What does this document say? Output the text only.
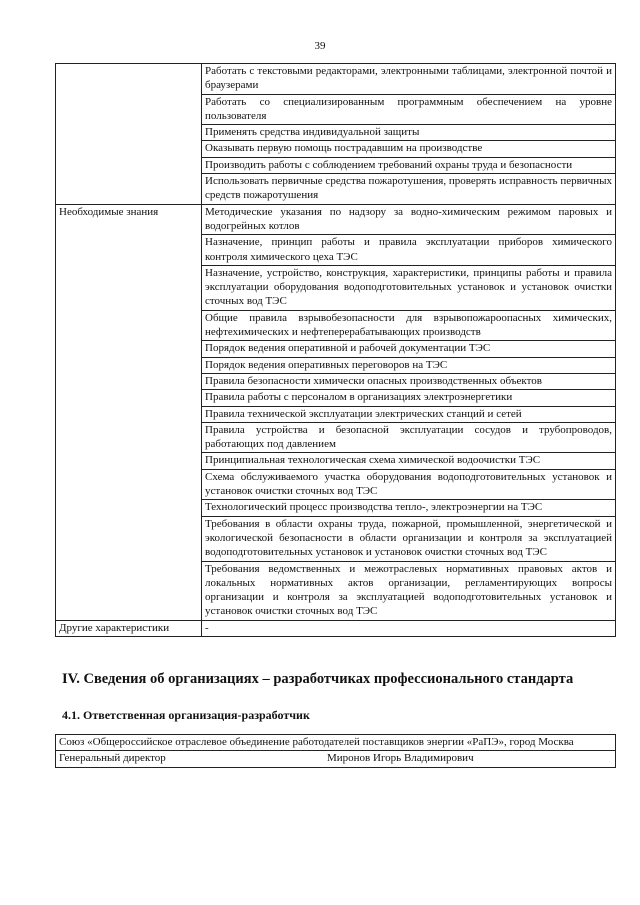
39
	Работать с текстовыми редакторами, электронными таблицами, электронной почтой и браузерами
	Работать со специализированным программным обеспечением на уровне пользователя
	Применять средства индивидуальной защиты
	Оказывать первую помощь пострадавшим на производстве
	Производить работы с соблюдением требований охраны труда и безопасности
	Использовать первичные средства пожаротушения, проверять исправность первичных средств пожаротушения
Необходимые знания	Методические указания по надзору за водно-химическим режимом паровых и водогрейных котлов
	Назначение, принцип работы и правила эксплуатации приборов химического контроля химического цеха ТЭС
	Назначение, устройство, конструкция, характеристики, принципы работы и правила эксплуатации оборудования водоподготовительных установок и установок очистки сточных вод ТЭС
	Общие правила взрывобезопасности для взрывопожароопасных химических, нефтехимических и нефтеперерабатывающих производств
	Порядок ведения оперативной и рабочей документации ТЭС
	Порядок ведения оперативных переговоров на ТЭС
	Правила безопасности химически опасных производственных объектов
	Правила работы с персоналом в организациях электроэнергетики
	Правила технической эксплуатации электрических станций и сетей
	Правила устройства и безопасной эксплуатации сосудов и трубопроводов, работающих под давлением
	Принципиальная технологическая схема химической водоочистки ТЭС
	Схема обслуживаемого участка оборудования водоподготовительных установок и установок очистки сточных вод ТЭС
	Технологический процесс производства тепло-, электроэнергии на ТЭС
	Требования в области охраны труда, пожарной, промышленной, энергетической и экологической безопасности в области организации и контроля за эксплуатацией водоподготовительных установок и установок очистки сточных вод ТЭС
	Требования ведомственных и межотраслевых нормативных правовых актов и локальных нормативных актов организации, регламентирующих вопросы организации и контроля за эксплуатацией водоподготовительных установок и установок очистки сточных вод ТЭС
Другие характеристики	-
IV. Сведения об организациях – разработчиках профессионального стандарта
4.1. Ответственная организация-разработчик
Союз «Общероссийское отраслевое объединение работодателей поставщиков энергии «РаПЭ», город Москва

Генеральный директор	Миронов Игорь Владимирович
